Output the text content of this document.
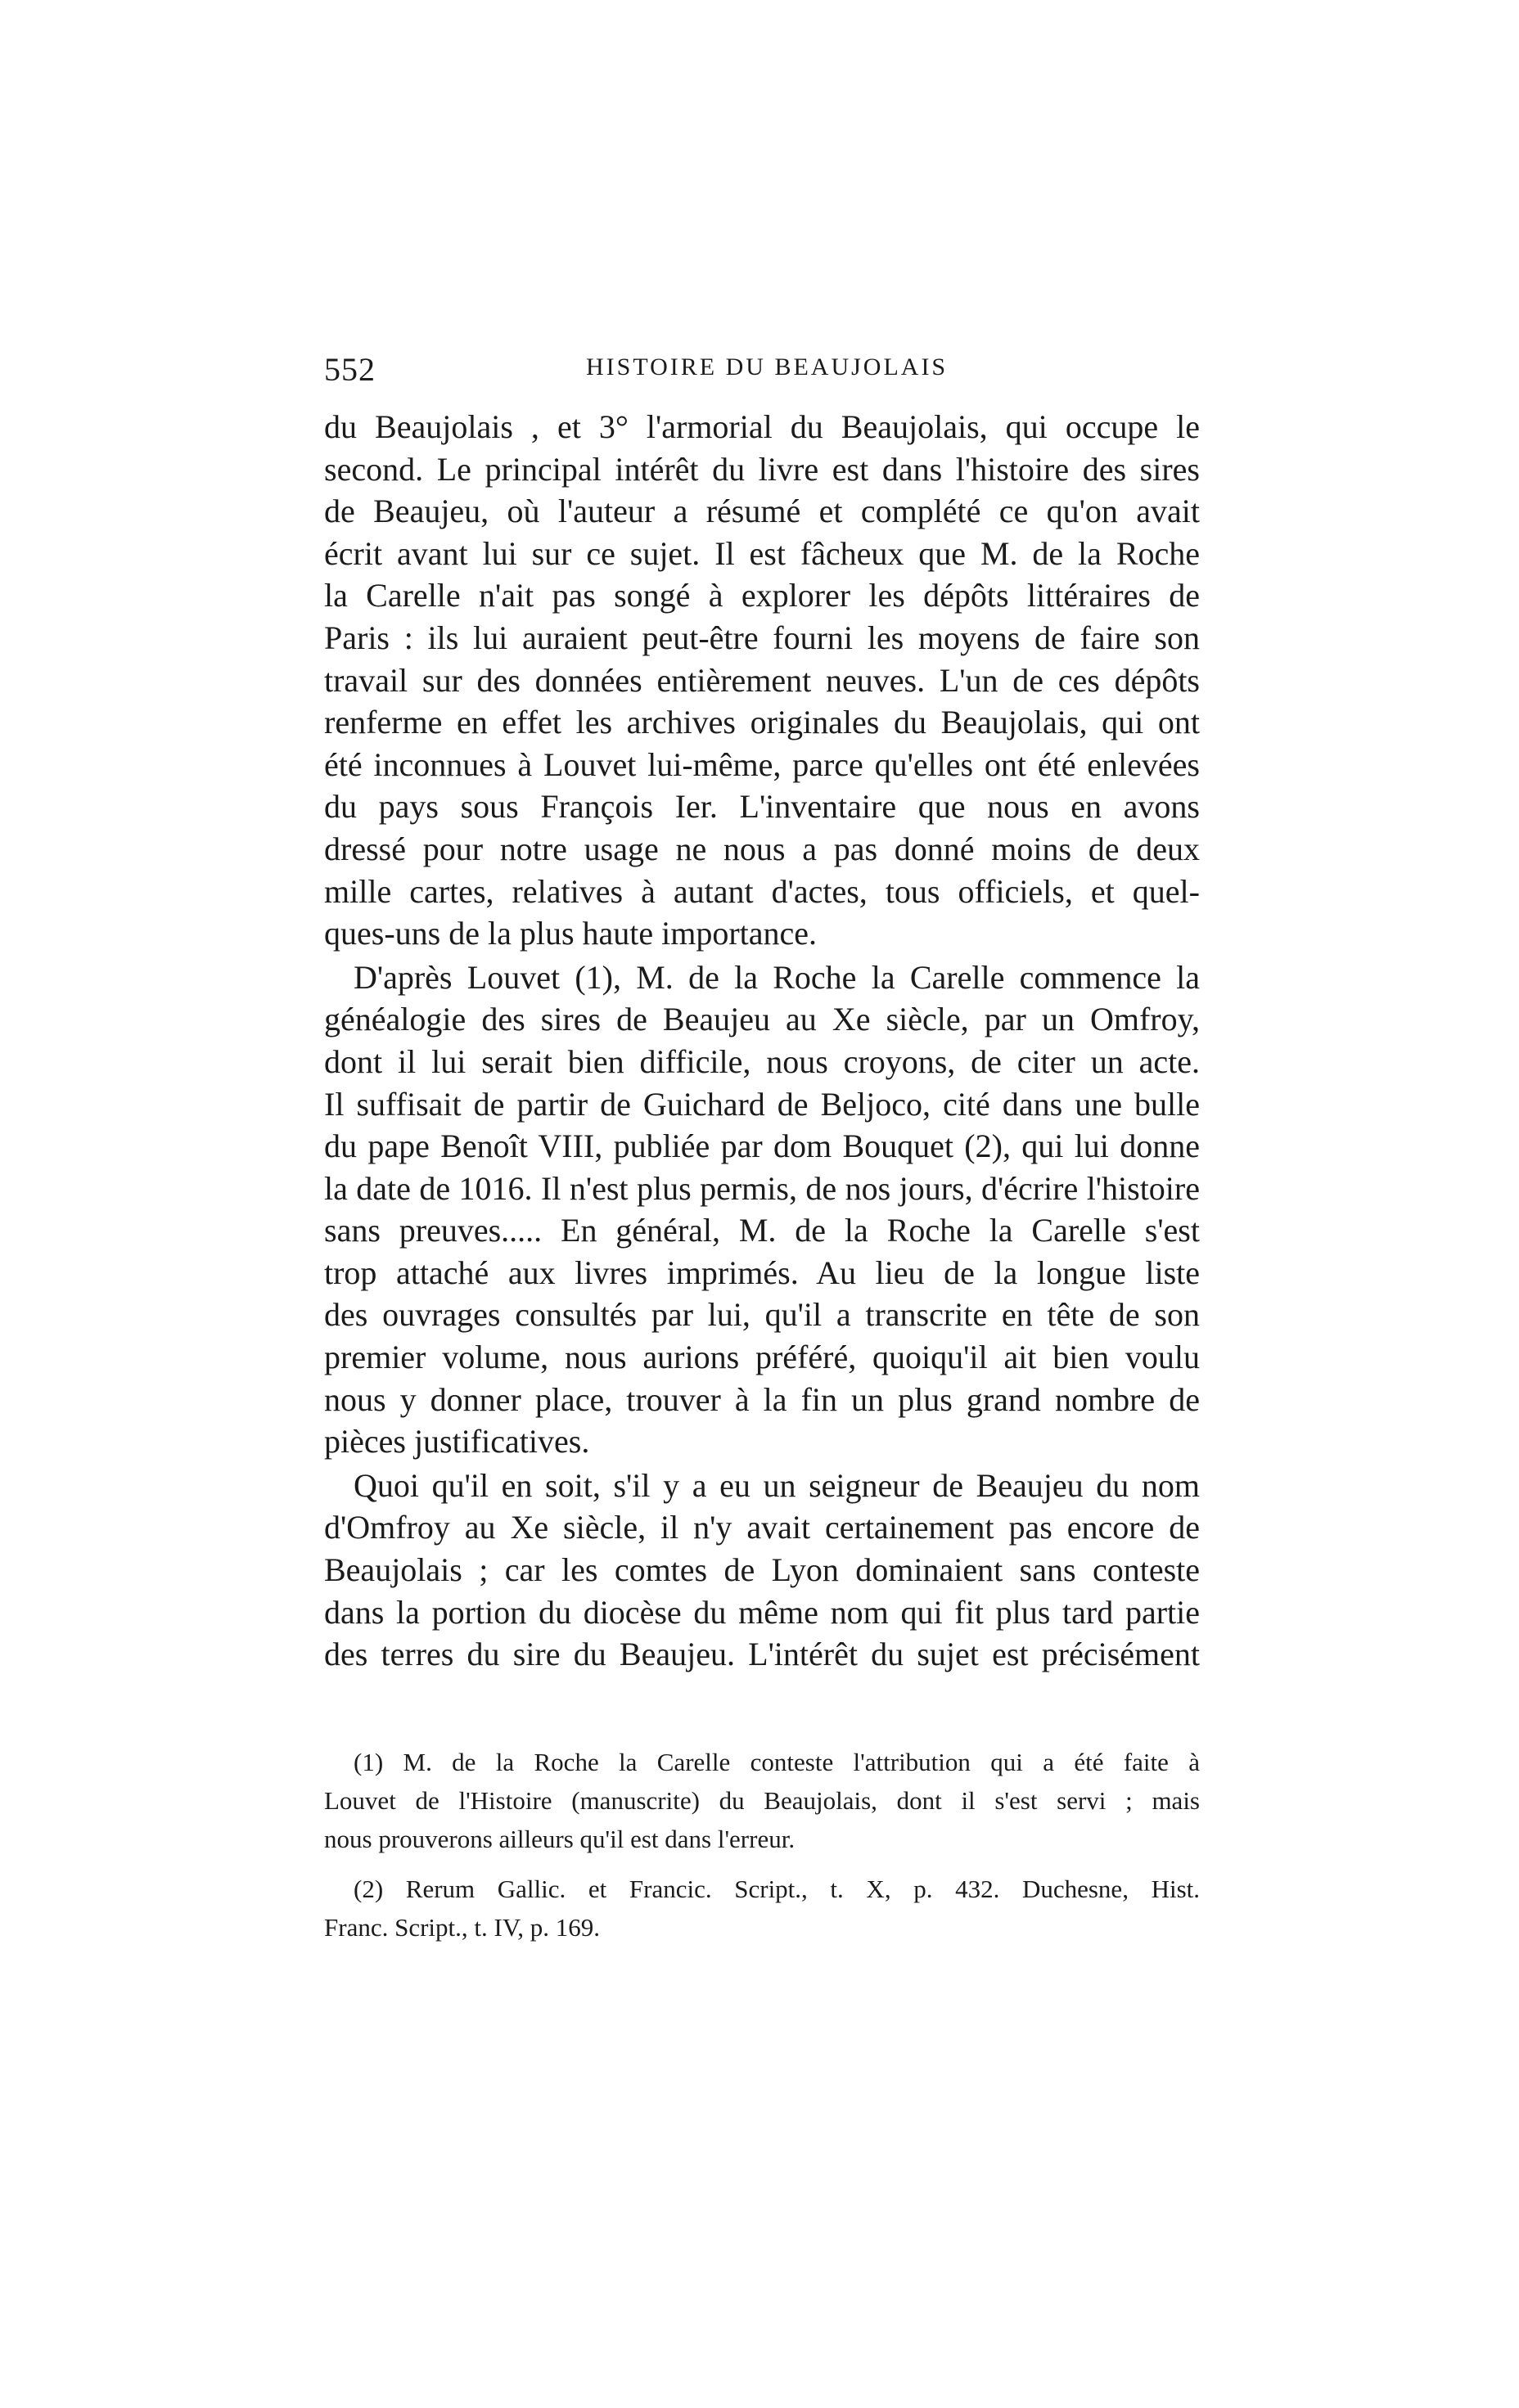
552	HISTOIRE DU BEAUJOLAIS
du Beaujolais , et 3° l'armorial du Beaujolais, qui occupe le
second. Le principal intérêt du livre est dans l'histoire des sires
de Beaujeu, où l'auteur a résumé et complété ce qu'on avait
écrit avant lui sur ce sujet. Il est fâcheux que M. de la Roche
la Carelle n'ait pas songé à explorer les dépôts littéraires de
Paris : ils lui auraient peut-être fourni les moyens de faire son
travail sur des données entièrement neuves. L'un de ces dépôts
renferme en effet les archives originales du Beaujolais, qui ont
été inconnues à Louvet lui-même, parce qu'elles ont été enlevées
du pays sous François Ier. L'inventaire que nous en avons
dressé pour notre usage ne nous a pas donné moins de deux
mille cartes, relatives à autant d'actes, tous officiels, et quel-
ques-uns de la plus haute importance.
D'après Louvet (1), M. de la Roche la Carelle commence la
généalogie des sires de Beaujeu au Xe siècle, par un Omfroy,
dont il lui serait bien difficile, nous croyons, de citer un acte.
Il suffisait de partir de Guichard de Beljoco, cité dans une bulle
du pape Benoît VIII, publiée par dom Bouquet (2), qui lui donne
la date de 1016. Il n'est plus permis, de nos jours, d'écrire l'histoire
sans preuves..... En général, M. de la Roche la Carelle s'est
trop attaché aux livres imprimés. Au lieu de la longue liste
des ouvrages consultés par lui, qu'il a transcrite en tête de son
premier volume, nous aurions préféré, quoiqu'il ait bien voulu
nous y donner place, trouver à la fin un plus grand nombre de
pièces justificatives.
Quoi qu'il en soit, s'il y a eu un seigneur de Beaujeu du nom
d'Omfroy au Xe siècle, il n'y avait certainement pas encore de
Beaujolais ; car les comtes de Lyon dominaient sans conteste
dans la portion du diocèse du même nom qui fit plus tard partie
des terres du sire du Beaujeu. L'intérêt du sujet est précisément
(1) M. de la Roche la Carelle conteste l'attribution qui a été faite à
Louvet de l'Histoire (manuscrite) du Beaujolais, dont il s'est servi ; mais
nous prouverons ailleurs qu'il est dans l'erreur.
(2) Rerum Gallic. et Francic. Script., t. X, p. 432. Duchesne, Hist.
Franc. Script., t. IV, p. 169.
